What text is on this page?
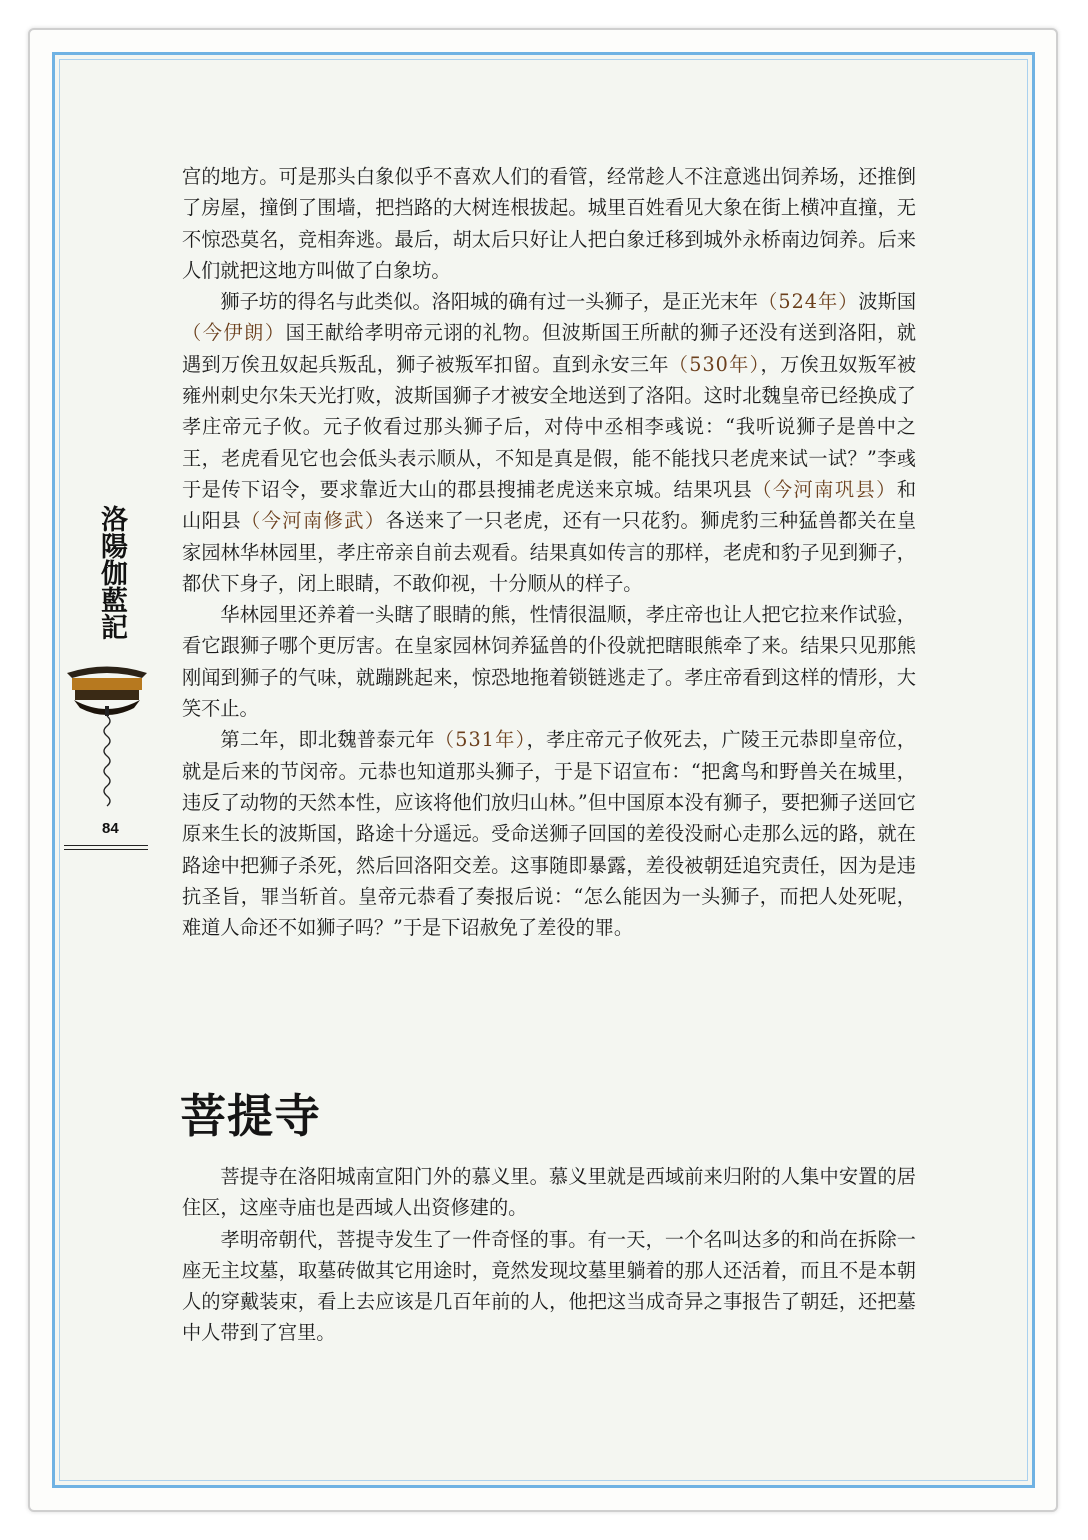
洛陽伽藍記
84

宫的地方。可是那头白象似乎不喜欢人们的看管，经常趁人不注意逃出饲养场，还推倒了房屋，撞倒了围墙，把挡路的大树连根拔起。城里百姓看见大象在街上横冲直撞，无不惊恐莫名，竞相奔逃。最后，胡太后只好让人把白象迁移到城外永桥南边饲养。后来人们就把这地方叫做了白象坊。

狮子坊的得名与此类似。洛阳城的确有过一头狮子，是正光末年（524年）波斯国（今伊朗）国王献给孝明帝元诩的礼物。但波斯国王所献的狮子还没有送到洛阳，就遇到万俟丑奴起兵叛乱，狮子被叛军扣留。直到永安三年（530年），万俟丑奴叛军被雍州刺史尔朱天光打败，波斯国狮子才被安全地送到了洛阳。这时北魏皇帝已经换成了孝庄帝元子攸。元子攸看过那头狮子后，对侍中丞相李彧说：“我听说狮子是兽中之王，老虎看见它也会低头表示顺从，不知是真是假，能不能找只老虎来试一试？”李彧于是传下诏令，要求靠近大山的郡县搜捕老虎送来京城。结果巩县（今河南巩县）和山阳县（今河南修武）各送来了一只老虎，还有一只花豹。狮虎豹三种猛兽都关在皇家园林华林园里，孝庄帝亲自前去观看。结果真如传言的那样，老虎和豹子见到狮子，都伏下身子，闭上眼睛，不敢仰视，十分顺从的样子。

华林园里还养着一头瞎了眼睛的熊，性情很温顺，孝庄帝也让人把它拉来作试验，看它跟狮子哪个更厉害。在皇家园林饲养猛兽的仆役就把瞎眼熊牵了来。结果只见那熊刚闻到狮子的气味，就蹦跳起来，惊恐地拖着锁链逃走了。孝庄帝看到这样的情形，大笑不止。

第二年，即北魏普泰元年（531年），孝庄帝元子攸死去，广陵王元恭即皇帝位，就是后来的节闵帝。元恭也知道那头狮子，于是下诏宣布：“把禽鸟和野兽关在城里，违反了动物的天然本性，应该将他们放归山林。”但中国原本没有狮子，要把狮子送回它原来生长的波斯国，路途十分遥远。受命送狮子回国的差役没耐心走那么远的路，就在路途中把狮子杀死，然后回洛阳交差。这事随即暴露，差役被朝廷追究责任，因为是违抗圣旨，罪当斩首。皇帝元恭看了奏报后说：“怎么能因为一头狮子，而把人处死呢，难道人命还不如狮子吗？”于是下诏赦免了差役的罪。

菩提寺

菩提寺在洛阳城南宣阳门外的慕义里。慕义里就是西域前来归附的人集中安置的居住区，这座寺庙也是西域人出资修建的。

孝明帝朝代，菩提寺发生了一件奇怪的事。有一天，一个名叫达多的和尚在拆除一座无主坟墓，取墓砖做其它用途时，竟然发现坟墓里躺着的那人还活着，而且不是本朝人的穿戴装束，看上去应该是几百年前的人，他把这当成奇异之事报告了朝廷，还把墓中人带到了宫里。
